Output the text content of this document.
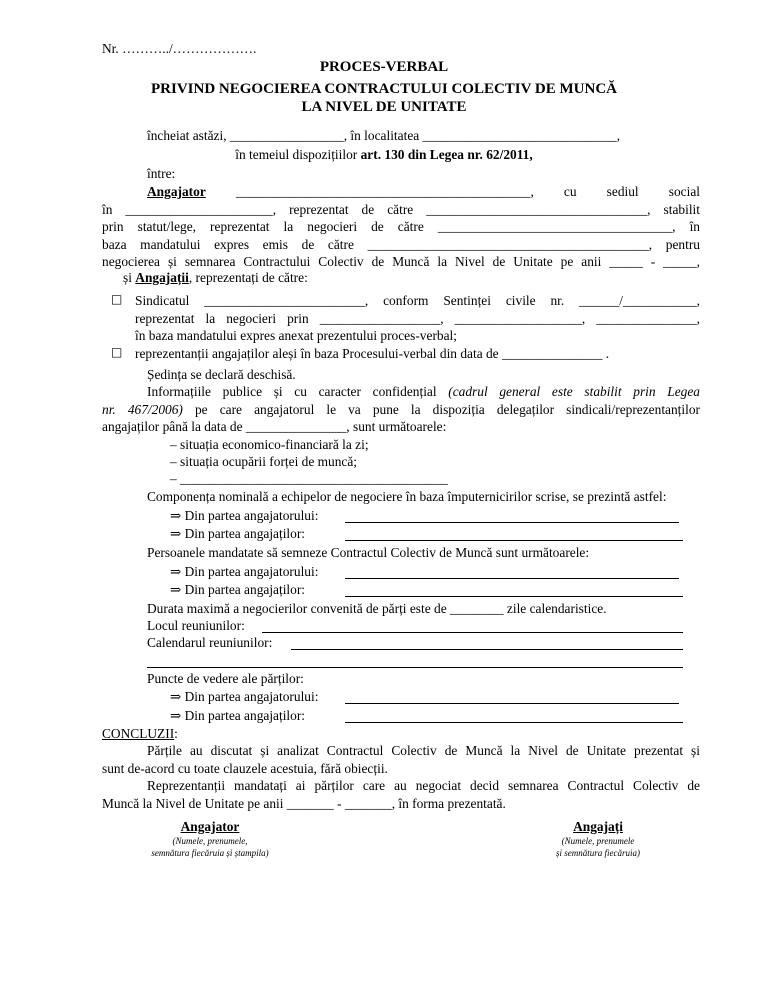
Nr. ………../……………….
PROCES-VERBAL
PRIVIND NEGOCIEREA CONTRACTULUI COLECTIV DE MUNCĂ
LA NIVEL DE UNITATE
încheiat astăzi, _________________, în localitatea _____________________________,
în temeiul dispozițiilor art. 130 din Legea nr. 62/2011,
între:
Angajator ____________________________________________, cu sediul social
în ______________________, reprezentat de către _________________________________, stabilit
prin statut/lege, reprezentat la negocieri de către ___________________________________, în
baza mandatului expres emis de către __________________________________________, pentru
negocierea și semnarea Contractului Colectiv de Muncă la Nivel de Unitate pe anii _____ - _____,
și Angajații, reprezentați de către:
□ Sindicatul ________________________, conform Sentinței civile nr. ______/___________,
reprezentat la negocieri prin __________________, ___________________, _______________,
în baza mandatului expres anexat prezentului proces-verbal;
□ reprezentanții angajaților aleși în baza Procesului-verbal din data de _______________ .
Ședința se declară deschisă.
Informațiile publice și cu caracter confidențial (cadrul general este stabilit prin Legea
nr. 467/2006) pe care angajatorul le va pune la dispoziția delegaților sindicali/reprezentanților
angajaților până la data de _______________, sunt următoarele:
– situația economico-financiară la zi;
– situația ocupării forței de muncă;
– ________________________________________
Componența nominală a echipelor de negociere în baza împuternicirilor scrise, se prezintă astfel:
⇒ Din partea angajatorului:
⇒ Din partea angajaților:
Persoanele mandatate să semneze Contractul Colectiv de Muncă sunt următoarele:
⇒ Din partea angajatorului:
⇒ Din partea angajaților:
Durata maximă a negocierilor convenită de părți este de ________ zile calendaristice.
Locul reuniunilor:
Calendarul reuniunilor:
Puncte de vedere ale părților:
⇒ Din partea angajatorului:
⇒ Din partea angajaților:
CONCLUZII:
Părțile au discutat și analizat Contractul Colectiv de Muncă la Nivel de Unitate prezentat și
sunt de-acord cu toate clauzele acestuia, fără obiecții.
Reprezentanții mandatați ai părților care au negociat decid semnarea Contractul Colectiv de
Muncă la Nivel de Unitate pe anii _______ - _______, în forma prezentată.
Angajator
(Numele, prenumele,
semnătura fiecăruia și ștampila)
Angajați
(Numele, prenumele
și semnătura fiecăruia)
